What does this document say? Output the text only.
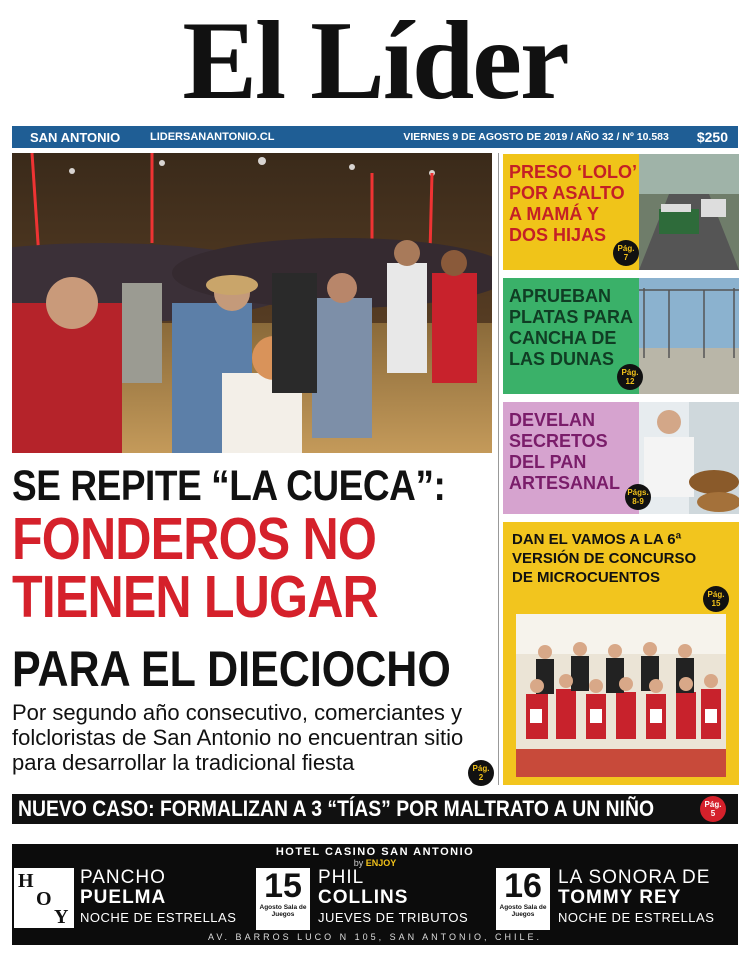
El Líder
SAN ANTONIO	LIDERSANANTONIO.CL	VIERNES 9 DE AGOSTO DE 2019 / AÑO 32 / Nº 10.583 $250
SE REPITE “LA CUECA”:
FONDEROS NO
TIENEN LUGAR
PARA EL DIECIOCHO
Por segundo año consecutivo, comerciantes y folcloristas de San Antonio no encuentran sitio para desarrollar la tradicional fiesta	Pág.
2
PRESO ‘LOLO’
POR ASALTO
A MAMÁ Y
DOS HIJAS
Pág.
7
APRUEBAN
PLATAS PARA
CANCHA DE
LAS DUNAS
Pág.
12
DEVELAN
SECRETOS
DEL PAN
ARTESANAL Págs.
8-9
DAN EL VAMOS A LA 6ª
VERSIÓN DE CONCURSO
DE MICROCUENTOS
Pág.
15
NUEVO CASO: FORMALIZAN A 3 “TÍAS” POR MALTRATO A UN NIÑO	Pág.
5
HOTEL CASINO SAN ANTONIO
by ENJOY
H
O
Y
PANCHO
PUELMA
NOCHE DE ESTRELLAS
15
Agosto Sala de Juegos
PHIL
COLLINS
JUEVES DE TRIBUTOS
16
Agosto Sala de Juegos
LA SONORA DE
TOMMY REY
NOCHE DE ESTRELLAS
AV. BARROS LUCO N 105, SAN ANTONIO, CHILE.
